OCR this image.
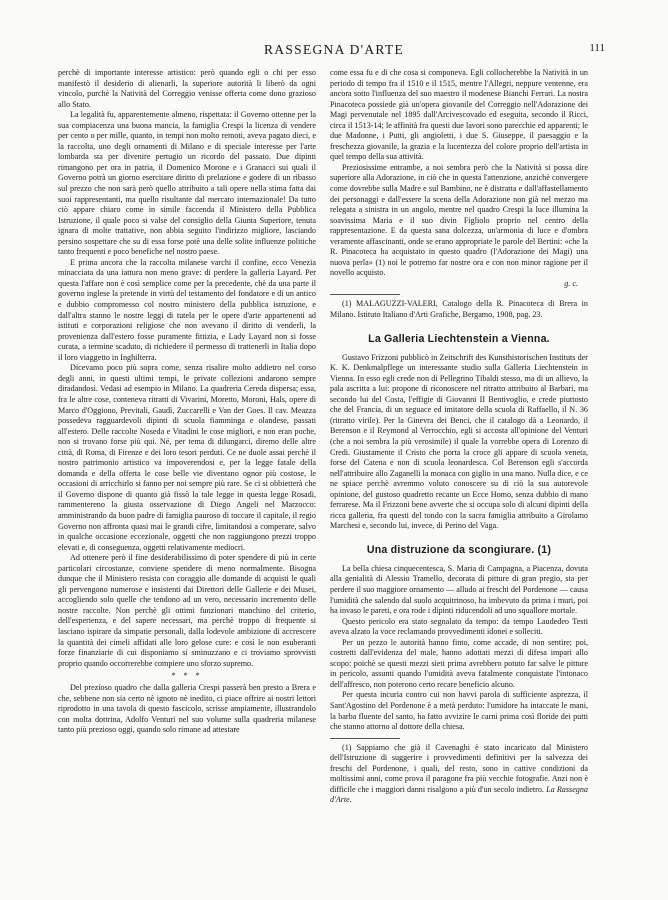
RASSEGNA D'ARTE	111

perchè di importante interesse artistico: però quando egli o chi per esso manifestò il desiderio di alienarli, la superiore autorità li liberò da ogni vincolo, purchè la Natività del Correggio venisse offerta come dono grazioso allo Stato.

La legalità fu, apparentemente almeno, rispettata: il Governo ottenne per la sua compiacenza una buona mancia, la famiglia Crespi la licenza di vendere per cento o per mille, quanto, in tempi non molto remoti, aveva pagato dieci, e la raccolta, uno degli ornamenti di Milano e di speciale interesse per l'arte lombarda sta per divenire pertugio un ricordo del passato. Due dipinti rimangono per ora in patria, il Domenico Morone e i Granacci sui quali il Governo potrà un giorno esercitare diritto di prelazione e godere di un ribasso sul prezzo che non sarà però quello attribuito a tali opere nella stima fatta dai suoi rappresentanti, ma quello risultante dal mercato internazionale! Da tutto ciò appare chiaro come in simile faccenda il Ministero della Pubblica Istruzione, il quale poco si valse del consiglio della Giunta Superiore, tenuta ignara di molte trattative, non abbia seguito l'indirizzo migliore, lasciando persino sospettare che su di essa forse potè una delle solite influenze politiche tanto frequenti e poco benefiche nel nostro paese.

E prima ancora che la raccolta milanese varchi il confine, ecco Venezia minacciata da una iattura non meno grave: di perdere la galleria Layard. Per questa l'affare non è così semplice come per la precedente, chè da una parte il governo inglese la pretende in virtù del testamento del fondatore e di un antico e dubbio compromesso col nostro ministero della pubblica istruzione, e dall'altra stanno le nostre leggi di tutela per le opere d'arte appartenenti ad istituti e corporazioni religiose che non avevano il diritto di venderli, la provenienza dall'estero fosse puramente fittizia, e Lady Layard non si fosse curata, a termine scaduto, di richiedere il permesso di trattenerli in Italia dopo il loro viaggetto in Inghilterra.

Dicevamo poco più sopra come, senza risalire molto addietro nel corso degli anni, in questi ultimi tempi, le private collezioni andarono sempre diradandosi. Vedasi ad esempio in Milano. La quadreria Cereda dispersa; essa, fra le altre cose, conteneva ritratti di Vivarini, Moretto, Moroni, Hals, opere di Marco d'Oggiono, Previtali, Gaudì, Zuccarelli e Van der Goes. Il cav. Meazza possedeva ragguardevoli dipinti di scuola fiamminga e olandese, passati all'estero. Delle raccolte Noseda e Vitadini le cose migliori, e non eran poche, non si trovano forse più qui. Né, per tema di dilungarci, diremo delle altre città, di Roma, di Firenze e dei loro tesori perduti. Ce ne duole assai perchè il nostro patrimonio artistico va impoverendosi e, per la legge fatale della domanda e della offerta le cose belle vie diventano ognor più costose, le occasioni di arricchirlo si fanno per noi sempre più rare. Se ci si obbietterà che il Governo dispone di quanto già fissò la tale legge in questa legge Rosadi, rammentereno la giusta osservazione di Diego Angeli nel Marzocco: amministrando da buon padre di famiglia pauroso di toccare il capitale, il regio Governo non affronta quasi mai le grandi cifre, limitandosi a comperare, salvo in qualche occasione eccezionale, oggetti che non raggiungono prezzi troppo elevati e, di conseguenza, oggetti relativamente mediocri.

Ad ottenere però il fine desiderabilissimo di poter spendere di più in certe particolari circostanze, conviene spendere di meno normalmente. Bisogna dunque che il Ministero resista con coraggio alle domande di acquisti le quali gli pervengono numerose e insistenti dai Direttori delle Gallerie e dei Musei, accogliendo solo quelle che tendono ad un vero, necessario incremento delle nostre raccolte. Non perchè gli ottimi funzionari manchino del criterio, dell'esperienza, e del sapere necessari, ma perchè troppo di frequente si lasciano ispirare da simpatie personali, dalla lodevole ambizione di accrescere la quantità dei cimeli affidati alle loro gelose cure: e così le non esuberanti forze finanziarie di cui disponiamo si sminuzzano e ci troviamo sprovvisti proprio quando occorrerebbe compiere uno sforzo supremo.

* * *

Del prezioso quadro che dalla galleria Crespi passerà ben presto a Brera e che, sebbene non sia certo nè ignoto nè inedito, ci piace offrire ai nostri lettori riprodotto in una tavola di questo fascicolo, scrisse ampiamente, illustrandolo con molta dottrina, Adolfo Venturi nel suo volume sulla quadreria milanese tanto più prezioso oggi, quando solo rimane ad attestare

come essa fu e di che cosa si componeva. Egli collocherebbe la Natività in un periodo di tempo fra il 1510 e il 1515, mentre l'Allegri, neppure ventenne, era ancora sotto l'influenza del suo maestro il modenese Bianchi Ferrari. La nostra Pinacoteca possiede già un'opera giovanile del Correggio nell'Adorazione dei Magi pervenutale nel 1895 dall'Arcivescovado ed eseguita, secondo il Ricci, circa il 1513-14; le affinità fra questi due lavori sono parecchie ed apparenti; le due Madonne, i Putti, gli angioletti, i due S. Giuseppe, il paesaggio e la freschezza giovanile, la grazia e la lucentezza del colore proprio dell'artista in quel tempo della sua attività.

Preziosissime entrambe, a noi sembra però che la Natività si possa dire superiore alla Adorazione, in ciò che in questa l'attenzione, anzichè convergere come dovrebbe sulla Madre e sul Bambino, ne è distratta e dall'affastellamento dei personaggi e dall'essere la scena della Adorazione non già nel mezzo ma relegata a sinistra in un angolo, mentre nel quadro Crespi la luce illumina la soavissima Maria e il suo divin Figliolo proprio nel centro della rappresentazione. E da questa sana dolcezza, un'armonia di luce e d'ombra veramente affascinanti, onde se erano appropriate le parole del Bertini: «che la R. Pinacoteca ha acquistato in questo quadro (l'Adorazione dei Magi) una nuova perla» (1) noi le potremo far nostre ora e con non minor ragione per il novello acquisto.

g. c.

(1) MALAGUZZI-VALERI, Catalogo della R. Pinacoteca di Brera in Milano. Istituto Italiano d'Arti Grafiche, Bergamo, 1908, pag. 23.

La Galleria Liechtenstein a Vienna.

Gustavo Frizzoni pubblicò in Zeitschrift des Kunsthistorischen Instituts der K. K. Denkmalpflege un interessante studio sulla Galleria Liechtenstein in Vienna. In esso egli crede non di Pellegrino Tibaldi stesso, ma di un allievo, la pala ascritta a lui: propone di riconoscere nel ritratto attribuito al Barbari, ma secondo lui del Costa, l'effigie di Giovanni II Bentivoglio, e crede piuttosto che del Francia, di un seguace ed imitatore della scuola di Raffaello, il N. 36 (ritratto virile). Per la Ginevra dei Benci, che il catalogo dà a Leonardo, il Berenson e il Reymond al Verrocchio, egli si accosta all'opinione del Venturi (che a noi sembra la più verosimile) il quale la vorrebbe opera di Lorenzo di Credi. Giustamente il Cristo che porta la croce gli appare di scuola veneta, forse del Catena e non di scuola leonardesca. Col Berenson egli s'accorda nell'attribuire allo Zaganelli la monaca con giglio in una mano. Nulla dice, e ce ne spiace perchè avremmo voluto conoscere su di ciò la sua autorevole opinione, del gustoso quadretto recante un Ecce Homo, senza dubbio di mano ferrarese. Ma il Frizzoni bene avverte che si occupa solo di alcuni dipinti della ricca galleria, fra questi del tondo con la sacra famiglia attribuito a Girolamo Marchesi e, secondo lui, invece, di Perino del Vaga.

Una distruzione da scongiurare. (1)

La bella chiesa cinquecentesca, S. Maria di Campagna, a Piacenza, dovuta alla genialità di Alessio Tramello, decorata di pitture di gran pregio, sta per perdere il suo maggiore ornamento — alludo ai freschi del Pordenone — causa l'umidità che salendo dal suolo acquitrinoso, ha imbevuto da prima i muri, poi ha invaso le pareti, e ora rode i dipinti riducendoli ad uno squallore mortale.

Questo pericolo era stato segnalato da tempo: da tempo Laudedeo Testi aveva alzato la voce reclamando provvedimenti idonei e solleciti.

Per un pezzo le autorità hanno finto, come accade, di non sentire; poi, costretti dall'evidenza del male, hanno adottati mezzi di difesa impari allo scopo: poichè se questi mezzi sieti prima avrebbero potuto far salve le pitture in pericolo, assunti quando l'umidità aveva fatalmente conquistate l'intonaco dell'affresco, non poterono certo recare beneficio alcuno.

Per questa incuria contro cui non havvi parola di sufficiente asprezza, il Sant'Agostino del Pordenone è a metà perduto: l'umidore ha intaccate le mani, la barba fluente del santo, ha fatto avvizire le carni prima così floride dei putti che stanno attorno al dottore della chiesa.

(1) Sappiamo che già il Cavenaghi è stato incaricato dal Ministero dell'Istruzione di suggerire i provvedimenti definitivi per la salvezza dei freschi del Pordenone, i quali, del resto, sono in cattive condizioni da moltissimi anni, come prova il paragone fra più vecchie fotografie. Anzi non è difficile che i maggiori danni risalgono a più d'un secolo indietro. La Rassegna d'Arte.
